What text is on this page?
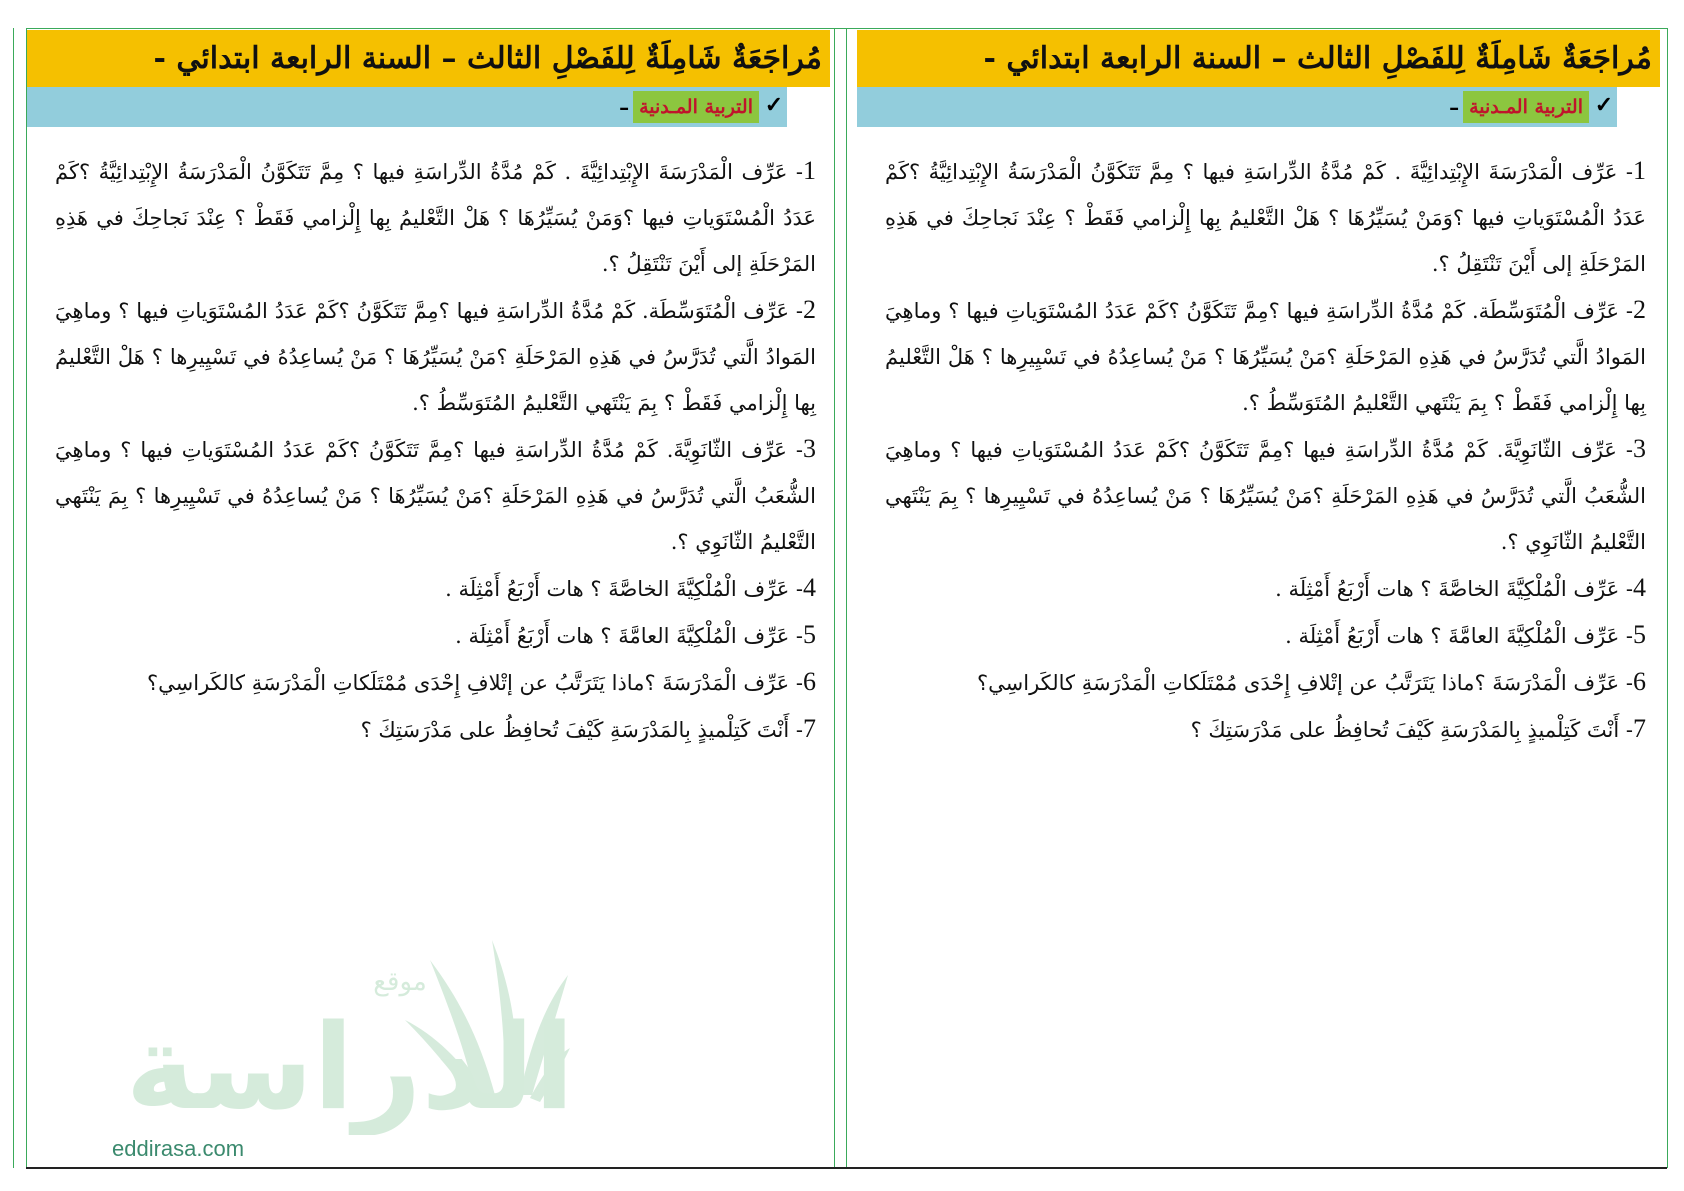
مُراجَعَةٌ شَامِلَةٌ لِلفَصْلِ الثالث – السنة الرابعة ابتدائي -
التربية المـدنية ✓
–

1- عَرِّف الْمَدْرَسَةَ الإِبْتِدائِيَّةَ . كَمْ مُدَّةُ الدِّراسَةِ فيها ؟ مِمَّ تَتَكَوَّنُ الْمَدْرَسَةُ الإِبْتِدائِيَّةُ ؟كَمْ عَدَدُ الْمُسْتَوَياتِ فيها ؟وَمَنْ يُسَيِّرُهَا ؟ هَلْ التَّعْليمُ بِها إِلْزامي فَقَطْ ؟ عِنْدَ نَجاحِكَ في هَذِهِ المَرْحَلَةِ إلى أَيْنَ تَنْتَقِلُ ؟.

2- عَرِّف الْمُتَوَسِّطَة. كَمْ مُدَّةُ الدِّراسَةِ فيها ؟مِمَّ تَتَكَوَّنُ ؟كَمْ عَدَدُ المُسْتَوَياتِ فيها ؟ وماهِيَ المَوادُ الَّتي تُدَرَّسُ في هَذِهِ المَرْحَلَةِ ؟مَنْ يُسَيِّرُهَا ؟ مَنْ يُساعِدُهُ في تَسْيِيرِها ؟ هَلْ التَّعْليمُ بِها إِلْزامي فَقَطْ ؟ بِمَ يَنْتَهي التَّعْليمُ المُتَوَسِّطُ ؟.

3- عَرِّف الثّانَوِيَّةَ. كَمْ مُدَّةُ الدِّراسَةِ فيها ؟مِمَّ تَتَكَوَّنُ ؟كَمْ عَدَدُ المُسْتَوَياتِ فيها ؟ وماهِيَ الشُّعَبُ الَّتي تُدَرَّسُ في هَذِهِ المَرْحَلَةِ ؟مَنْ يُسَيِّرُهَا ؟ مَنْ يُساعِدُهُ في تَسْيِيرِها ؟ بِمَ يَنْتَهي التَّعْليمُ الثّانَوِي ؟.

4- عَرِّف الْمُلْكِيَّةَ الخاصَّةَ ؟ هات أَرْبَعُ أَمْثِلَة .

5- عَرِّف الْمُلْكِيَّةَ العامَّةَ ؟ هات أَرْبَعُ أَمْثِلَة .

6- عَرِّف الْمَدْرَسَةَ ؟ماذا يَتَرَتَّبُ عن إتْلافِ إِحْدَى مُمْتَلَكاتِ الْمَدْرَسَةِ كالكَراسِي؟

7- أَنْتَ كَتِلْميذٍ بِالمَدْرَسَةِ كَيْفَ تُحافِظُ على مَدْرَسَتِكَ ؟

مُراجَعَةٌ شَامِلَةٌ لِلفَصْلِ الثالث – السنة الرابعة ابتدائي -
التربية المـدنية ✓
–

1- عَرِّف الْمَدْرَسَةَ الإِبْتِدائِيَّةَ . كَمْ مُدَّةُ الدِّراسَةِ فيها ؟ مِمَّ تَتَكَوَّنُ الْمَدْرَسَةُ الإِبْتِدائِيَّةُ ؟كَمْ عَدَدُ الْمُسْتَوَياتِ فيها ؟وَمَنْ يُسَيِّرُهَا ؟ هَلْ التَّعْليمُ بِها إِلْزامي فَقَطْ ؟ عِنْدَ نَجاحِكَ في هَذِهِ المَرْحَلَةِ إلى أَيْنَ تَنْتَقِلُ ؟.

2- عَرِّف الْمُتَوَسِّطَة. كَمْ مُدَّةُ الدِّراسَةِ فيها ؟مِمَّ تَتَكَوَّنُ ؟كَمْ عَدَدُ المُسْتَوَياتِ فيها ؟ وماهِيَ المَوادُ الَّتي تُدَرَّسُ في هَذِهِ المَرْحَلَةِ ؟مَنْ يُسَيِّرُهَا ؟ مَنْ يُساعِدُهُ في تَسْيِيرِها ؟ هَلْ التَّعْليمُ بِها إِلْزامي فَقَطْ ؟ بِمَ يَنْتَهي التَّعْليمُ المُتَوَسِّطُ ؟.

3- عَرِّف الثّانَوِيَّةَ. كَمْ مُدَّةُ الدِّراسَةِ فيها ؟مِمَّ تَتَكَوَّنُ ؟كَمْ عَدَدُ المُسْتَوَياتِ فيها ؟ وماهِيَ الشُّعَبُ الَّتي تُدَرَّسُ في هَذِهِ المَرْحَلَةِ ؟مَنْ يُسَيِّرُهَا ؟ مَنْ يُساعِدُهُ في تَسْيِيرِها ؟ بِمَ يَنْتَهي التَّعْليمُ الثّانَوِي ؟.

4- عَرِّف الْمُلْكِيَّةَ الخاصَّةَ ؟ هات أَرْبَعُ أَمْثِلَة .

5- عَرِّف الْمُلْكِيَّةَ العامَّةَ ؟ هات أَرْبَعُ أَمْثِلَة .

6- عَرِّف الْمَدْرَسَةَ ؟ماذا يَتَرَتَّبُ عن إتْلافِ إِحْدَى مُمْتَلَكاتِ الْمَدْرَسَةِ كالكَراسِي؟

7- أَنْتَ كَتِلْميذٍ بِالمَدْرَسَةِ كَيْفَ تُحافِظُ على مَدْرَسَتِكَ ؟

الدراسة
موقع
eddirasa.com
